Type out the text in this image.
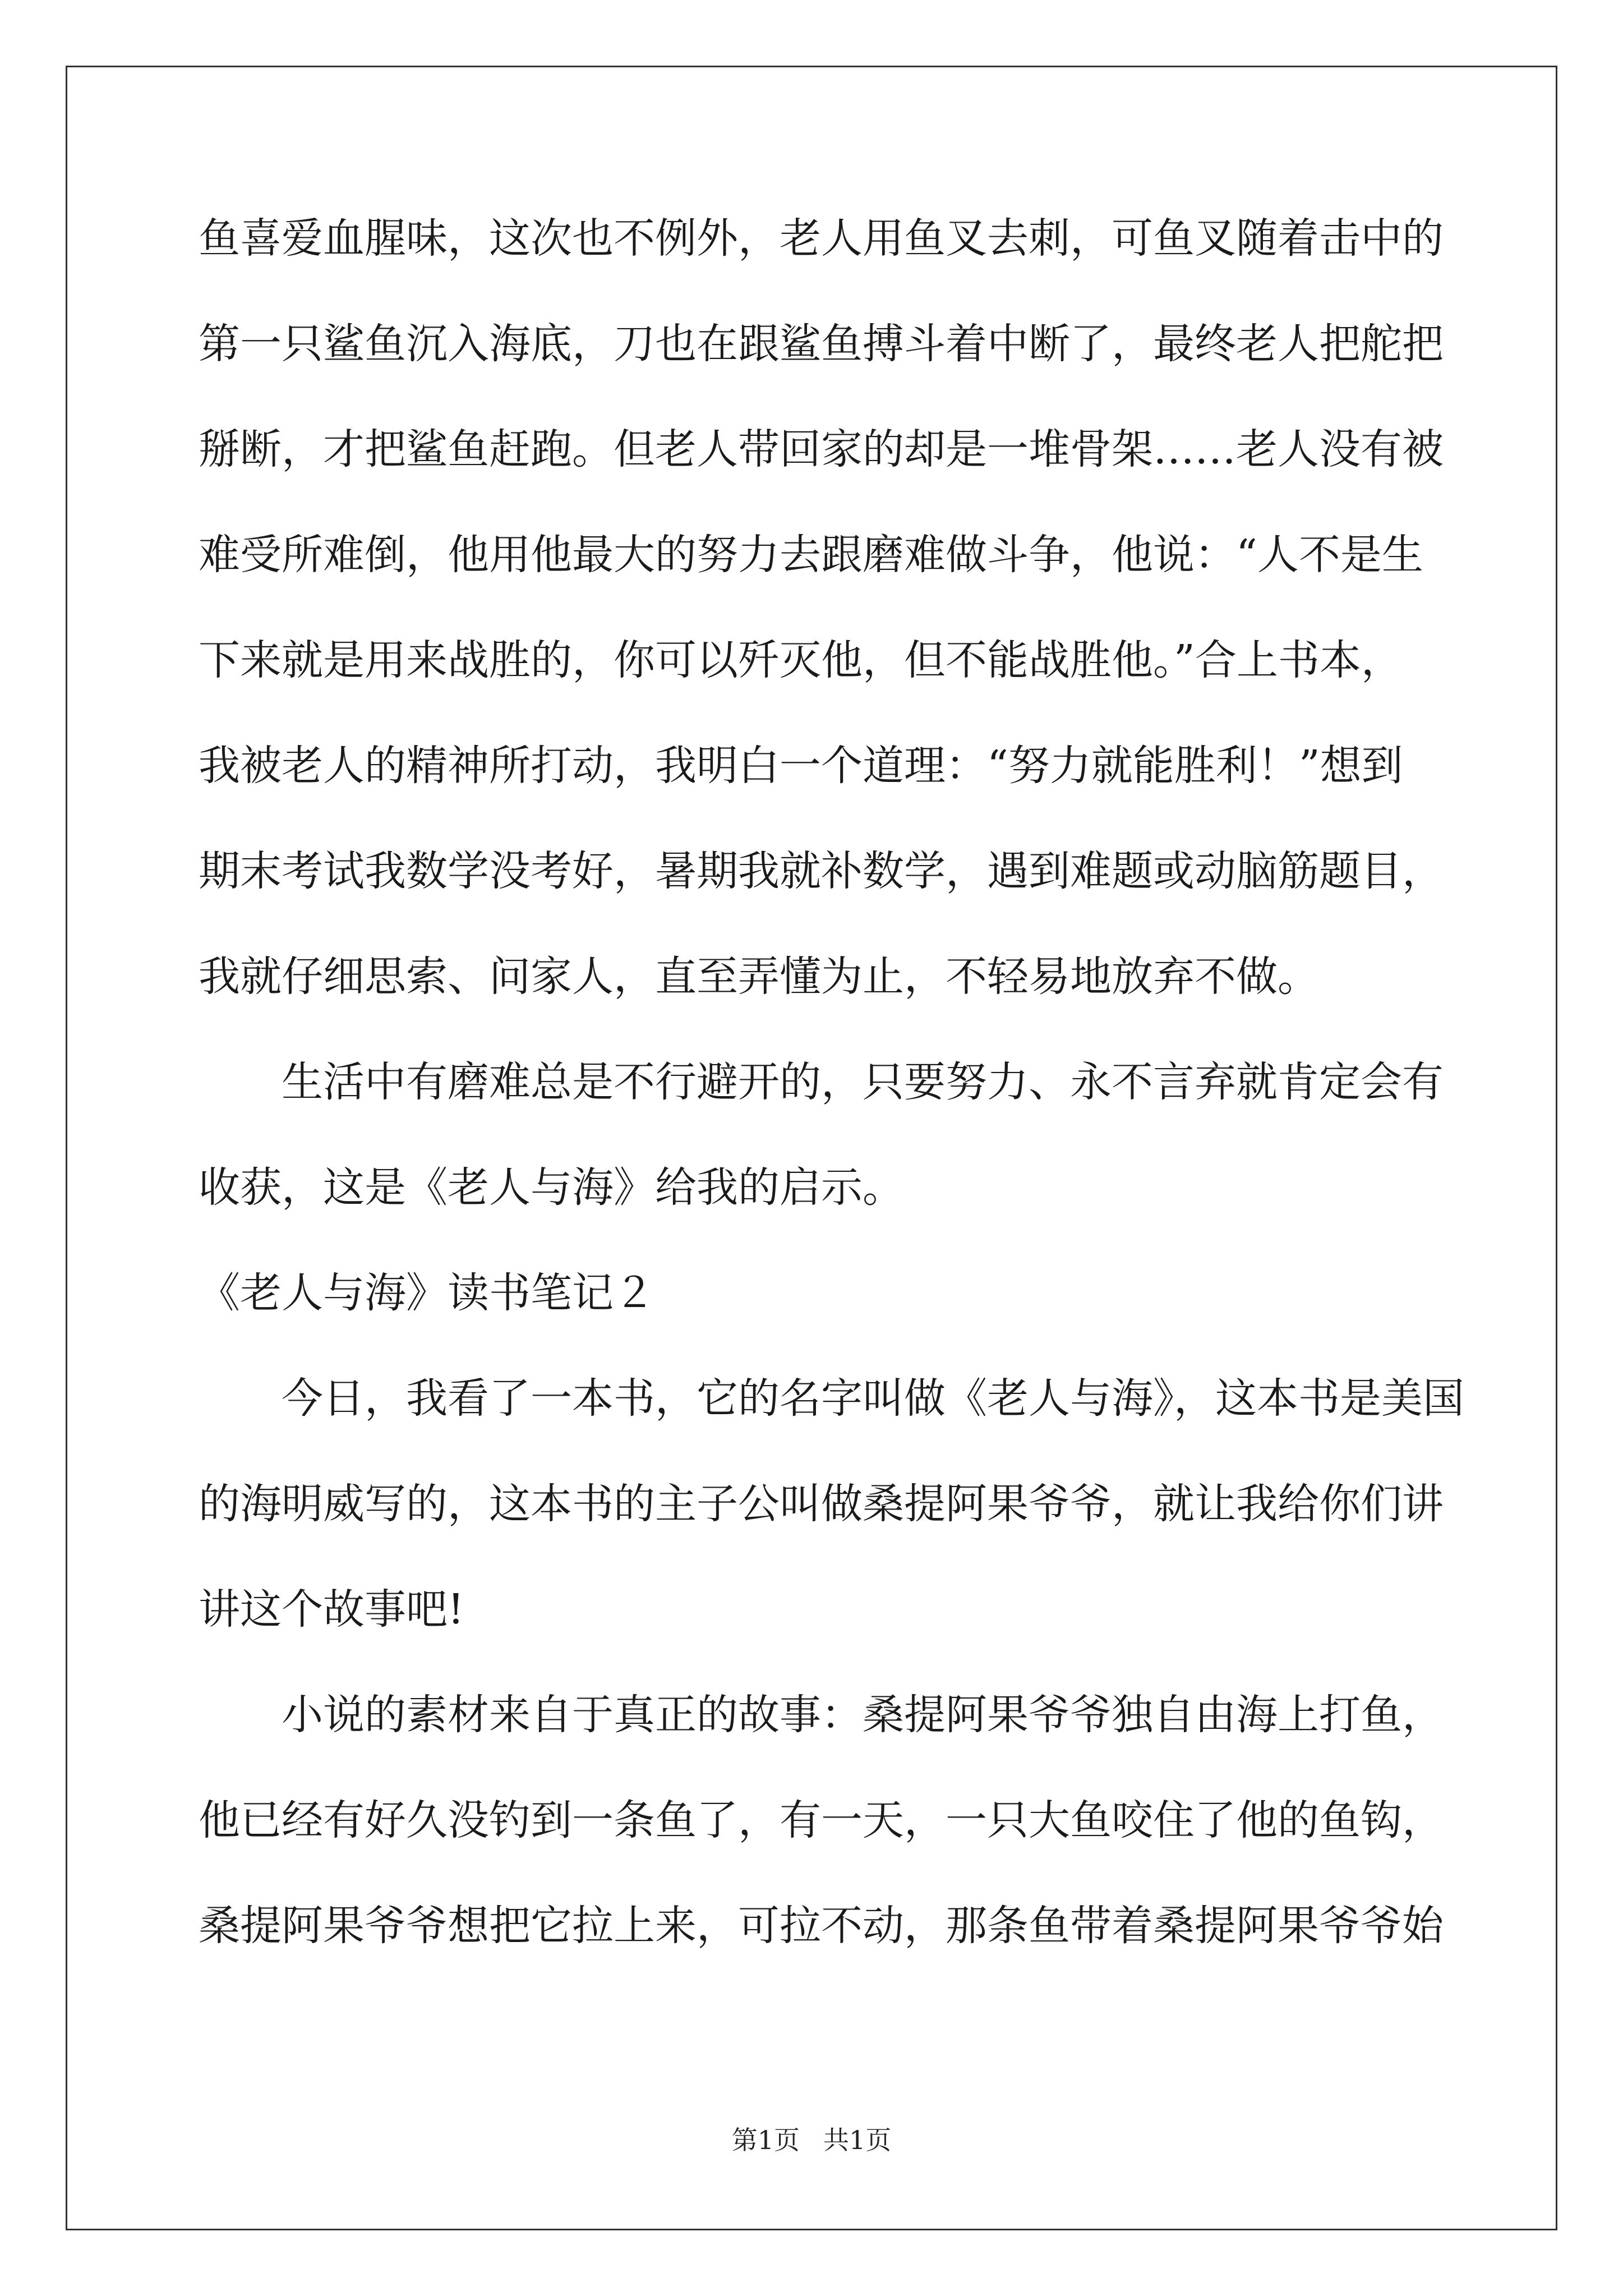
鱼喜爱血腥味，这次也不例外，老人用鱼叉去刺，可鱼叉随着击中的
第一只鲨鱼沉入海底，刀也在跟鲨鱼搏斗着中断了，最终老人把舵把
掰断，才把鲨鱼赶跑。但老人带回家的却是一堆骨架……老人没有被
难受所难倒，他用他最大的努力去跟磨难做斗争，他说：“人不是生
下来就是用来战胜的，你可以歼灭他，但不能战胜他。”合上书本，
我被老人的精神所打动，我明白一个道理：“努力就能胜利！”想到
期末考试我数学没考好，暑期我就补数学，遇到难题或动脑筋题目，
我就仔细思索、问家人，直至弄懂为止，不轻易地放弃不做。
　　生活中有磨难总是不行避开的，只要努力、永不言弃就肯定会有
收获，这是《老人与海》给我的启示。
《老人与海》读书笔记２
　　今日，我看了一本书，它的名字叫做《老人与海》，这本书是美国
的海明威写的，这本书的主子公叫做桑提阿果爷爷，就让我给你们讲
讲这个故事吧!
　　小说的素材来自于真正的故事：桑提阿果爷爷独自由海上打鱼，
他已经有好久没钓到一条鱼了，有一天，一只大鱼咬住了他的鱼钩，
桑提阿果爷爷想把它拉上来，可拉不动，那条鱼带着桑提阿果爷爷始
第1页 共1页
